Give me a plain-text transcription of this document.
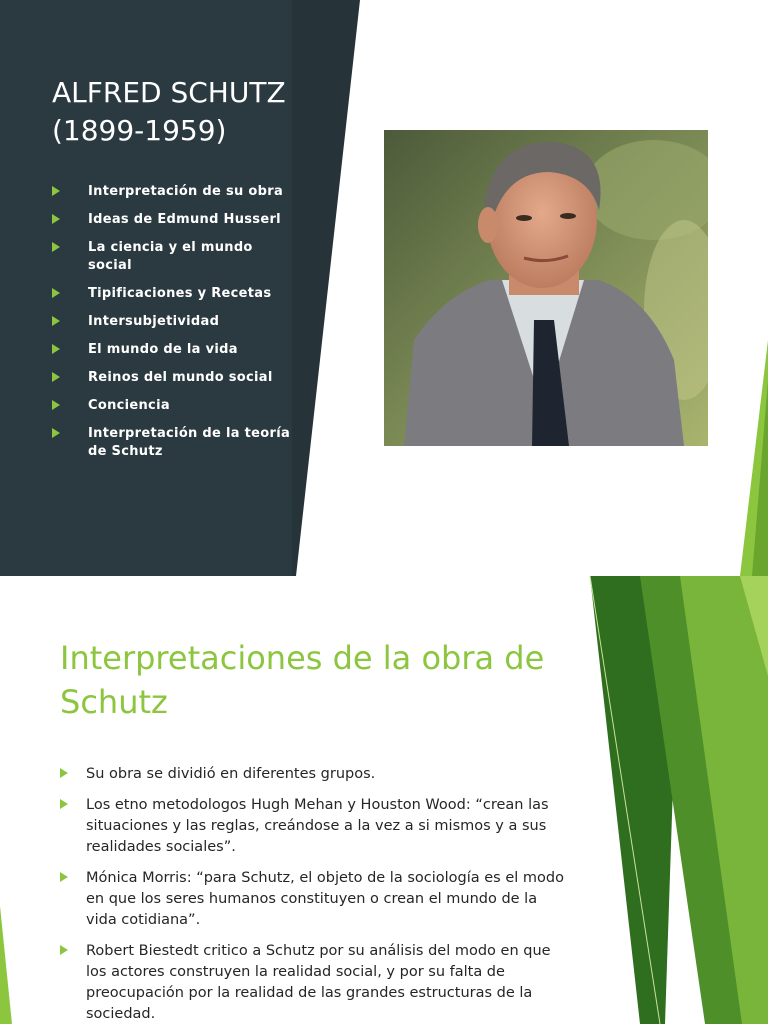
ALFRED SCHUTZ
(1899-1959)
Interpretación de su obra
Ideas de Edmund Husserl
La ciencia y el mundo social
Tipificaciones y Recetas
Intersubjetividad
El mundo de la vida
Reinos del mundo social
Conciencia
Interpretación de la teoría de Schutz
Interpretaciones de la obra de Schutz
Su obra se dividió en diferentes grupos.
Los etno metodologos Hugh Mehan y Houston Wood: “crean las situaciones y las reglas, creándose a la vez a si mismos y a sus realidades sociales”.
Mónica Morris: “para Schutz, el objeto de la sociología es el modo en que los seres humanos constituyen o crean el mundo de la vida cotidiana”.
Robert Biestedt critico a Schutz por su análisis del modo en que los actores construyen la realidad social, y por su falta de preocupación por la realidad de las grandes estructuras de la sociedad.
